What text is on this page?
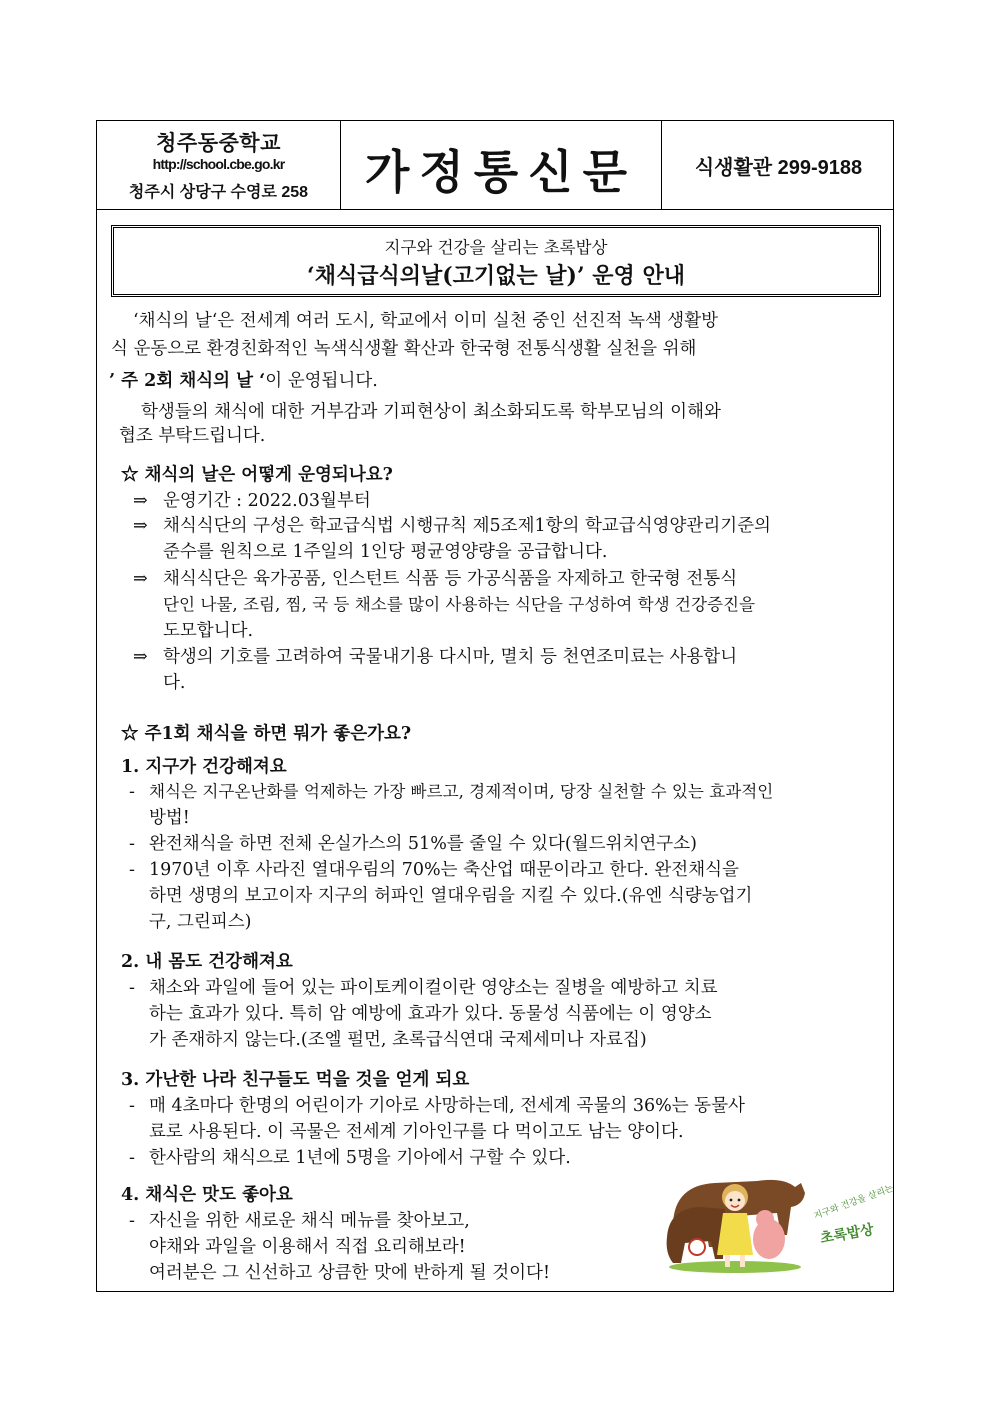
청주동중학교
http://school.cbe.go.kr
청주시 상당구 수영로 258	가정통신문	식생활관 299-9188
지구와 건강을 살리는 초록밥상
‘채식급식의날(고기없는 날)’ 운영 안내
‘채식의 날‘은 전세계 여러 도시, 학교에서 이미 실천 중인 선진적 녹색 생활방
식 운동으로 환경친화적인 녹색식생활 확산과 한국형 전통식생활 실천을 위해
’ 주 2회 채식의 날 ‘이 운영됩니다.
학생들의 채식에 대한 거부감과 기피현상이 최소화되도록 학부모님의 이해와
협조 부탁드립니다.
☆ 채식의 날은 어떻게 운영되나요?
⇒ 운영기간 : 2022.03월부터
⇒ 채식식단의 구성은 학교급식법 시행규칙 제5조제1항의 학교급식영양관리기준의
준수를 원칙으로 1주일의 1인당 평균영양량을 공급합니다.
⇒ 채식식단은 육가공품, 인스턴트 식품 등 가공식품을 자제하고 한국형 전통식
단인 나물, 조림, 찜, 국 등 채소를 많이 사용하는 식단을 구성하여 학생 건강증진을
도모합니다.
⇒ 학생의 기호를 고려하여 국물내기용 다시마, 멸치 등 천연조미료는 사용합니
다.
☆ 주1회 채식을 하면 뭐가 좋은가요?
1. 지구가 건강해져요
- 채식은 지구온난화를 억제하는 가장 빠르고, 경제적이며, 당장 실천할 수 있는 효과적인
방법!
- 완전채식을 하면 전체 온실가스의 51%를 줄일 수 있다(월드위치연구소)
- 1970년 이후 사라진 열대우림의 70%는 축산업 때문이라고 한다. 완전채식을
하면 생명의 보고이자 지구의 허파인 열대우림을 지킬 수 있다.(유엔 식량농업기
구, 그린피스)
2. 내 몸도 건강해져요
- 채소와 과일에 들어 있는 파이토케이컬이란 영양소는 질병을 예방하고 치료
하는 효과가 있다. 특히 암 예방에 효과가 있다. 동물성 식품에는 이 영양소
가 존재하지 않는다.(조엘 펄먼, 초록급식연대 국제세미나 자료집)
3. 가난한 나라 친구들도 먹을 것을 얻게 되요
- 매 4초마다 한명의 어린이가 기아로 사망하는데, 전세계 곡물의 36%는 동물사
료로 사용된다. 이 곡물은 전세계 기아인구를 다 먹이고도 남는 양이다.
- 한사람의 채식으로 1년에 5명을 기아에서 구할 수 있다.
4. 채식은 맛도 좋아요
- 자신을 위한 새로운 채식 메뉴를 찾아보고,
야채와 과일을 이용해서 직접 요리해보라!
여러분은 그 신선하고 상큼한 맛에 반하게 될 것이다!
지구와 건강을 살리는
초록밥상
